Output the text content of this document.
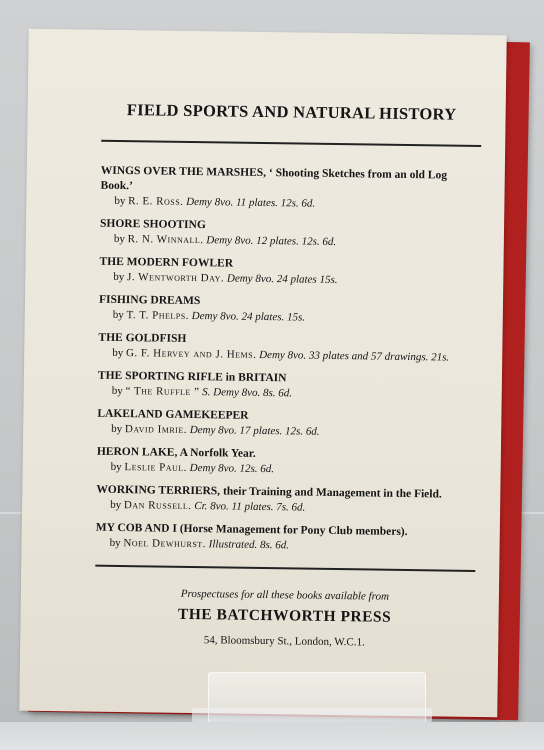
FIELD SPORTS AND NATURAL HISTORY
WINGS OVER THE MARSHES, ‘ Shooting Sketches from an old Log Book.’
by R. E. Ross. Demy 8vo. 11 plates. 12s. 6d.
SHORE SHOOTING
by R. N. Winnall. Demy 8vo. 12 plates. 12s. 6d.
THE MODERN FOWLER
by J. Wentworth Day. Demy 8vo. 24 plates 15s.
FISHING DREAMS
by T. T. Phelps. Demy 8vo. 24 plates. 15s.
THE GOLDFISH
by G. F. Hervey and J. Hems. Demy 8vo. 33 plates and 57 drawings. 21s.
THE SPORTING RIFLE in BRITAIN
by “ The Ruffle ” S. Demy 8vo. 8s. 6d.
LAKELAND GAMEKEEPER
by David Imrie. Demy 8vo. 17 plates. 12s. 6d.
HERON LAKE, A Norfolk Year.
by Leslie Paul. Demy 8vo. 12s. 6d.
WORKING TERRIERS, their Training and Management in the Field.
by Dan Russell. Cr. 8vo. 11 plates. 7s. 6d.
MY COB AND I (Horse Management for Pony Club members).
by Noel Dewhurst. Illustrated. 8s. 6d.
Prospectuses for all these books available from
THE BATCHWORTH PRESS
54, Bloomsbury St., London, W.C.1.
